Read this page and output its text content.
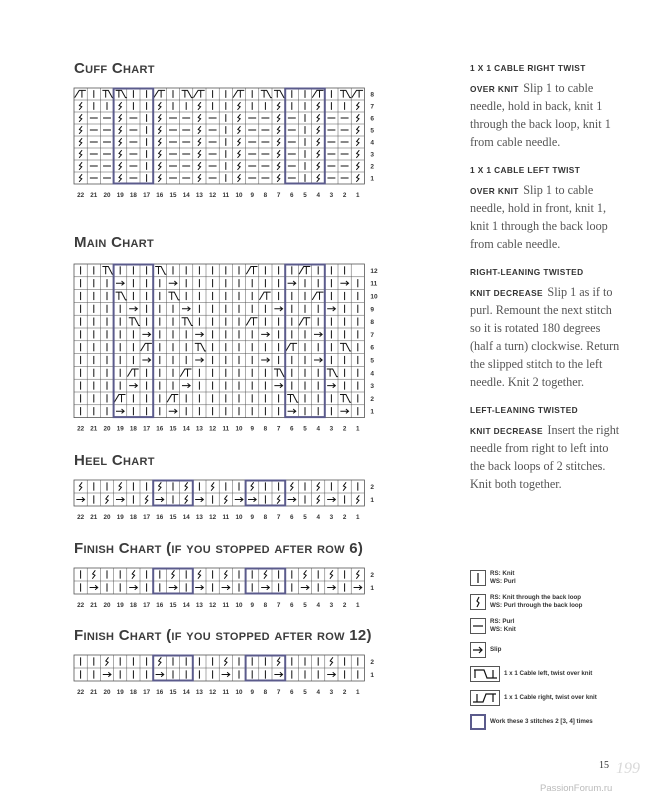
Cuff Chart
Main Chart
Heel Chart
Finish Chart (if you stopped after row 6)
Finish Chart (if you stopped after row 12)
8
7
6
5
4
3
2
1
22 21 20 19 18 17 16 15 14 13 12 11 10 9 8 7 6 5 4 3 2 1
12
11
10
9
8
7
6
5
4
3
2
1
22 21 20 19 18 17 16 15 14 13 12 11 10 9 8 7 6 5 4 3 2 1
2
1
22 21 20 19 18 17 16 15 14 13 12 11 10 9 8 7 6 5 4 3 2 1
2
1
22 21 20 19 18 17 16 15 14 13 12 11 10 9 8 7 6 5 4 3 2 1
2
1
22 21 20 19 18 17 16 15 14 13 12 11 10 9 8 7 6 5 4 3 2 1
1 X 1 CABLE RIGHT TWIST
OVER KNIT Slip 1 to cable needle, hold in back, knit 1 through the back loop, knit 1 from cable needle.
1 X 1 CABLE LEFT TWIST
OVER KNIT Slip 1 to cable needle, hold in front, knit 1, knit 1 through the back loop from cable needle.
RIGHT-LEANING TWISTED
KNIT DECREASE Slip 1 as if to purl. Remount the next stitch so it is rotated 180 degrees (half a turn) clockwise. Return the slipped stitch to the left needle. Knit 2 together.
LEFT-LEANING TWISTED
KNIT DECREASE Insert the right needle from right to left into the back loops of 2 stitches. Knit both together.
RS: Knit
WS: Purl
RS: Knit through the back loop
WS: Purl through the back loop
RS: Purl
WS: Knit
Slip
1 x 1 Cable left, twist over knit
1 x 1 Cable right, twist over knit
Work these 3 stitches 2 [3, 4] times
15 199
PassionForum.ru
